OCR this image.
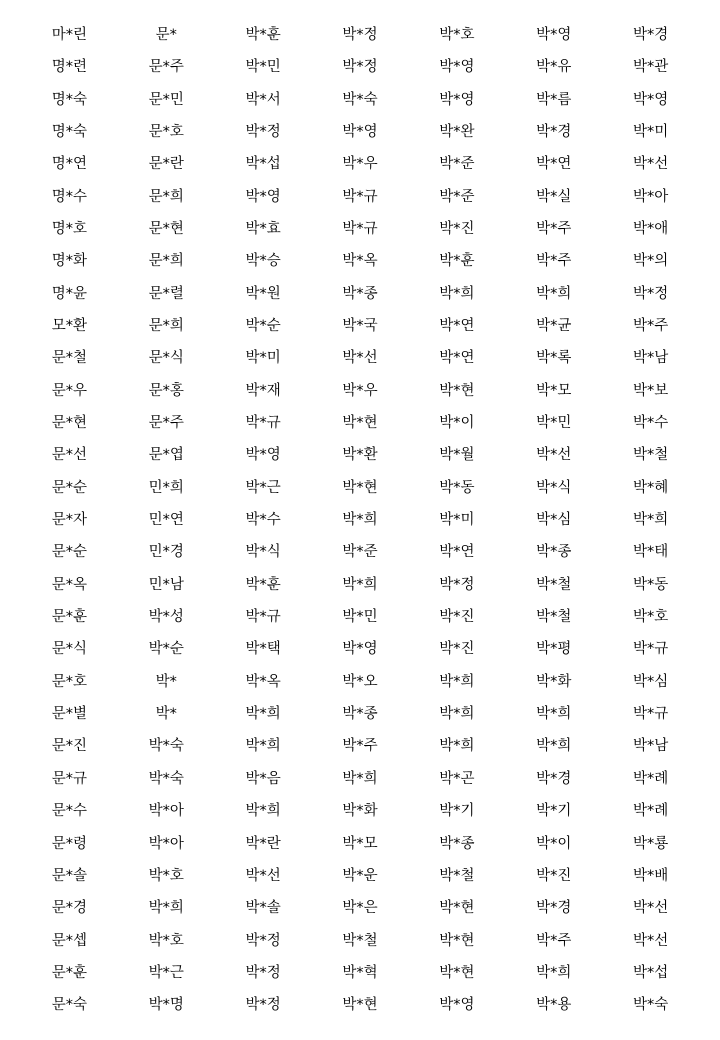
마*린	문*	박*훈	박*정	박*호	박*영	박*경
명*련	문*주	박*민	박*정	박*영	박*유	박*관
명*숙	문*민	박*서	박*숙	박*영	박*름	박*영
명*숙	문*호	박*정	박*영	박*완	박*경	박*미
명*연	문*란	박*섭	박*우	박*준	박*연	박*선
명*수	문*희	박*영	박*규	박*준	박*실	박*아
명*호	문*현	박*효	박*규	박*진	박*주	박*애
명*화	문*희	박*승	박*옥	박*훈	박*주	박*의
명*윤	문*렬	박*원	박*종	박*희	박*희	박*정
모*환	문*희	박*순	박*국	박*연	박*균	박*주
문*철	문*식	박*미	박*선	박*연	박*록	박*남
문*우	문*홍	박*재	박*우	박*현	박*모	박*보
문*현	문*주	박*규	박*현	박*이	박*민	박*수
문*선	문*엽	박*영	박*환	박*월	박*선	박*철
문*순	민*희	박*근	박*현	박*동	박*식	박*혜
문*자	민*연	박*수	박*희	박*미	박*심	박*희
문*순	민*경	박*식	박*준	박*연	박*종	박*태
문*옥	민*남	박*훈	박*희	박*정	박*철	박*동
문*훈	박*성	박*규	박*민	박*진	박*철	박*호
문*식	박*순	박*택	박*영	박*진	박*평	박*규
문*호	박*	박*옥	박*오	박*희	박*화	박*심
문*별	박*	박*희	박*종	박*희	박*희	박*규
문*진	박*숙	박*희	박*주	박*희	박*희	박*남
문*규	박*숙	박*음	박*희	박*곤	박*경	박*례
문*수	박*아	박*희	박*화	박*기	박*기	박*례
문*령	박*아	박*란	박*모	박*종	박*이	박*룡
문*솔	박*호	박*선	박*운	박*철	박*진	박*배
문*경	박*희	박*솔	박*은	박*현	박*경	박*선
문*셉	박*호	박*정	박*철	박*현	박*주	박*선
문*훈	박*근	박*정	박*혁	박*현	박*희	박*섭
문*숙	박*명	박*정	박*현	박*영	박*용	박*숙
